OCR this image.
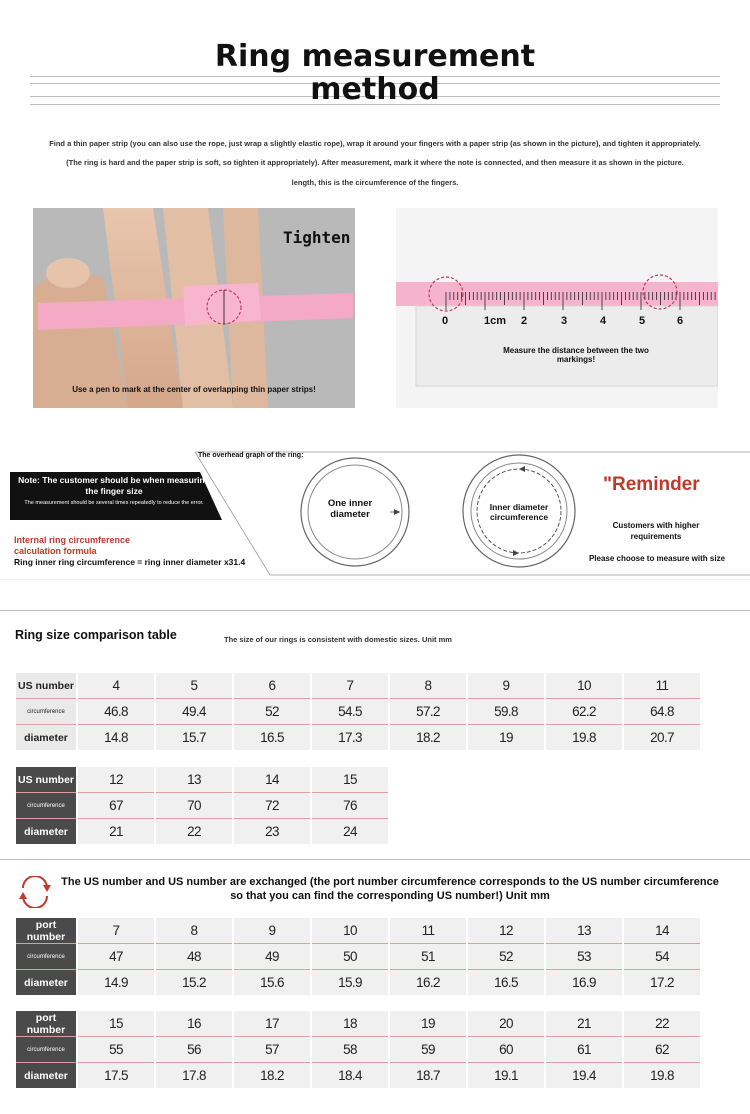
Ring measurement
method
Find a thin paper strip (you can also use the rope, just wrap a slightly elastic rope), wrap it around your fingers with a paper strip (as shown in the picture), and tighten it appropriately.
(The ring is hard and the paper strip is soft, so tighten it appropriately). After measurement, mark it where the note is connected, and then measure it as shown in the picture.
length, this is the circumference of the fingers.
Tighten
Use a pen to mark at the center of overlapping thin paper strips!
0	1cm 2	3	4	5	6
Measure the distance between the two markings!
The overhead graph of the ring:
Note: The customer should be when measuring the finger size
The measurement should be several times repeatedly to reduce the error.
Internal ring circumference calculation formula
Ring inner ring circumference = ring inner diameter x31.4
One inner diameter
Inner diameter circumference
"Reminder
Customers with higher requirements
Please choose to measure with size
Ring size comparison table	The size of our rings is consistent with domestic sizes. Unit mm
US number	4	5	6	7	8	9	10	11
circumference	46.8	49.4	52	54.5	57.2	59.8	62.2	64.8
diameter	14.8	15.7	16.5	17.3	18.2	19	19.8	20.7
US number	12	13	14	15
circumference	67	70	72	76
diameter	21	22	23	24
The US number and US number are exchanged (the port number circumference corresponds to the US number circumference so that you can find the corresponding US number!) Unit mm
port number	7	8	9	10	11	12	13	14
circumference	47	48	49	50	51	52	53	54
diameter	14.9	15.2	15.6	15.9	16.2	16.5	16.9	17.2
port number	15	16	17	18	19	20	21	22
circumference	55	56	57	58	59	60	61	62
diameter	17.5	17.8	18.2	18.4	18.7	19.1	19.4	19.8
